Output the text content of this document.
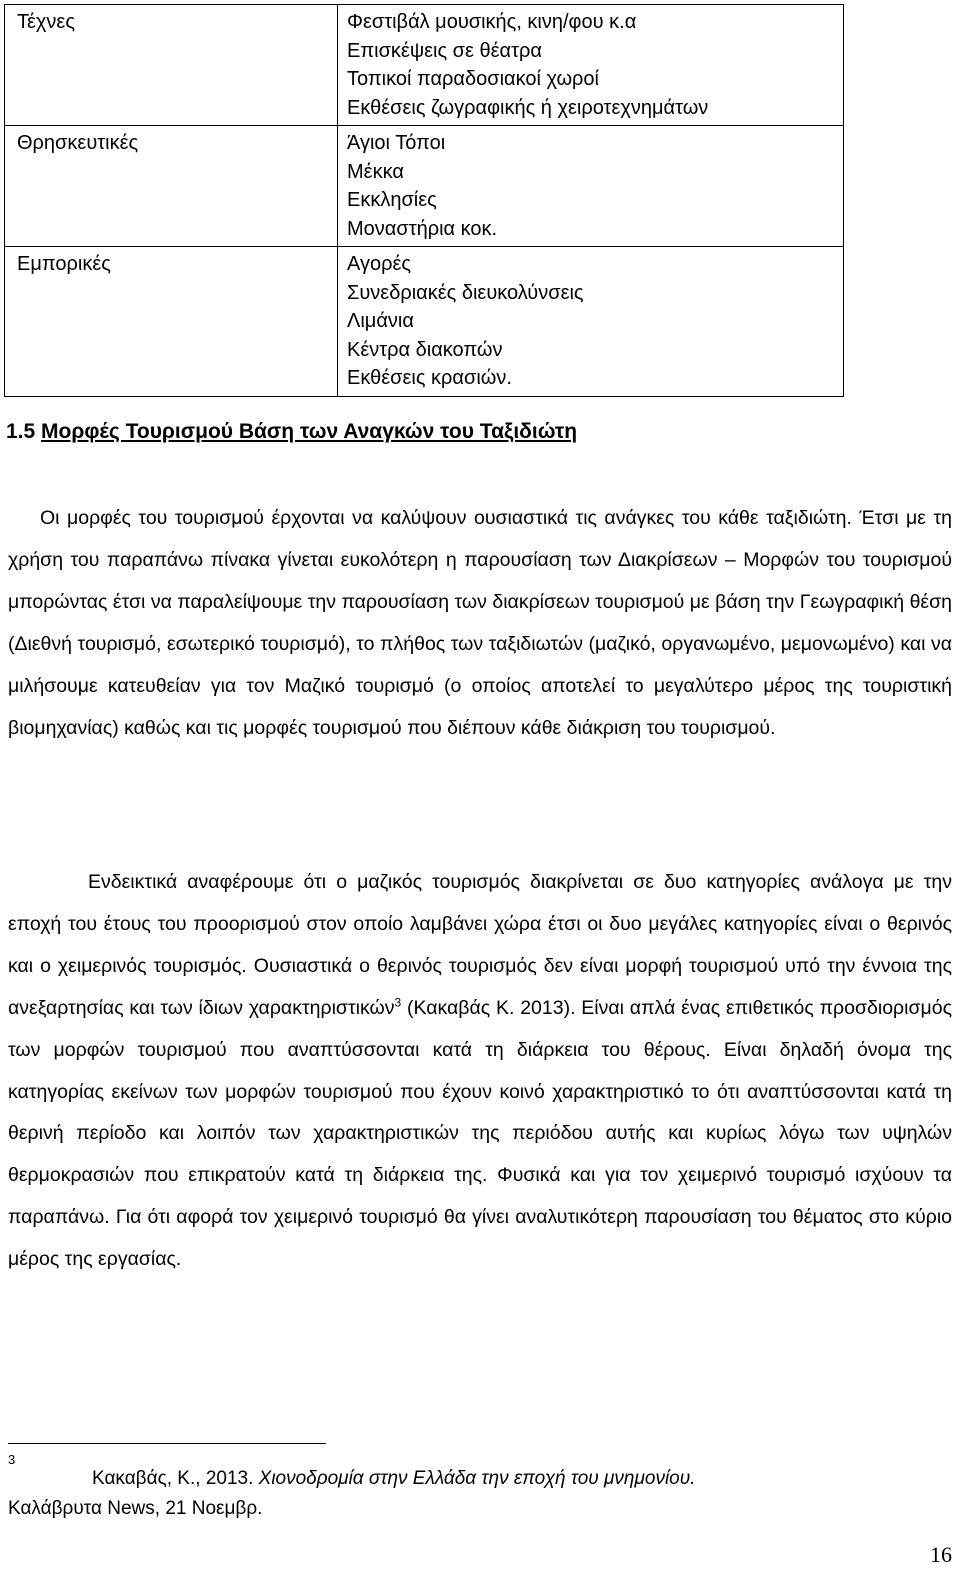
Τέχνες	Φεστιβάλ μουσικής, κινη/φου κ.α
Επισκέψεις σε θέατρα
Τοπικοί παραδοσιακοί χωροί
Εκθέσεις ζωγραφικής ή χειροτεχνημάτων

Θρησκευτικές	Άγιοι Τόποι
Μέκκα
Εκκλησίες
Μοναστήρια κοκ.

Εμπορικές	Αγορές
Συνεδριακές διευκολύνσεις
Λιμάνια
Κέντρα διακοπών
Εκθέσεις κρασιών.
1.5 Μορφές Τουρισμού Βάση των Αναγκών του Ταξιδιώτη

Οι μορφές του τουρισμού έρχονται να καλύψουν ουσιαστικά τις ανάγκες του κάθε ταξιδιώτη. Έτσι με τη χρήση του παραπάνω πίνακα γίνεται ευκολότερη η παρουσίαση των Διακρίσεων – Μορφών του τουρισμού μπορώντας έτσι να παραλείψουμε την παρουσίαση των διακρίσεων τουρισμού με βάση την Γεωγραφική θέση (Διεθνή τουρισμό, εσωτερικό τουρισμό), το πλήθος των ταξιδιωτών (μαζικό, οργανωμένο, μεμονωμένο) και να μιλήσουμε κατευθείαν για τον Μαζικό τουρισμό (ο οποίος αποτελεί το μεγαλύτερο μέρος της τουριστική βιομηχανίας) καθώς και τις μορφές τουρισμού που διέπουν κάθε διάκριση του τουρισμού.

Ενδεικτικά αναφέρουμε ότι ο μαζικός τουρισμός διακρίνεται σε δυο κατηγορίες ανάλογα με την εποχή του έτους του προορισμού στον οποίο λαμβάνει χώρα έτσι οι δυο μεγάλες κατηγορίες είναι ο θερινός και ο χειμερινός τουρισμός. Ουσιαστικά ο θερινός τουρισμός δεν είναι μορφή τουρισμού υπό την έννοια της ανεξαρτησίας και των ίδιων χαρακτηριστικών$^3$ (Κακαβάς Κ. 2013). Είναι απλά ένας επιθετικός προσδιορισμός των μορφών τουρισμού που αναπτύσσονται κατά τη διάρκεια του θέρους. Είναι δηλαδή όνομα της κατηγορίας εκείνων των μορφών τουρισμού που έχουν κοινό χαρακτηριστικό το ότι αναπτύσσονται κατά τη θερινή περίοδο και λοιπόν των χαρακτηριστικών της περιόδου αυτής και κυρίως λόγω των υψηλών θερμοκρασιών που επικρατούν κατά τη διάρκεια της. Φυσικά και για τον χειμερινό τουρισμό ισχύουν τα παραπάνω. Για ότι αφορά τον χειμερινό τουρισμό θα γίνει αναλυτικότερη παρουσίαση του θέματος στο κύριο μέρος της εργασίας.

3

Κακαβάς, Κ., 2013. Χιονοδρομία στην Ελλάδα την εποχή του μνημονίου.
Καλάβρυτα News, 21 Νοεμβρ.

16
